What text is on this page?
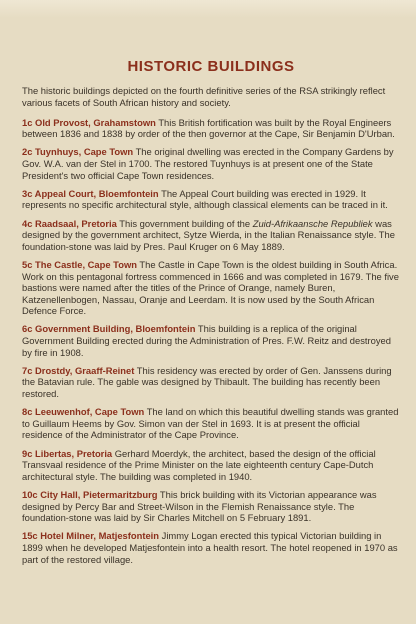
HISTORIC BUILDINGS

The historic buildings depicted on the fourth definitive series of the RSA strikingly reflect various facets of South African history and society.

1c Old Provost, Grahamstown This British fortification was built by the Royal Engineers between 1836 and 1838 by order of the then governor at the Cape, Sir Benjamin D'Urban.

2c Tuynhuys, Cape Town The original dwelling was erected in the Company Gardens by Gov. W.A. van der Stel in 1700. The restored Tuynhuys is at present one of the State President's two official Cape Town residences.

3c Appeal Court, Bloemfontein The Appeal Court building was erected in 1929. It represents no specific architectural style, although classical elements can be traced in it.

4c Raadsaal, Pretoria This government building of the Zuid-Afrikaansche Republiek was designed by the government architect, Sytze Wierda, in the Italian Renaissance style. The foundation-stone was laid by Pres. Paul Kruger on 6 May 1889.

5c The Castle, Cape Town The Castle in Cape Town is the oldest building in South Africa. Work on this pentagonal fortress commenced in 1666 and was completed in 1679. The five bastions were named after the titles of the Prince of Orange, namely Buren, Katzenellenbogen, Nassau, Oranje and Leerdam. It is now used by the South African Defence Force.

6c Government Building, Bloemfontein This building is a replica of the original Government Building erected during the Administration of Pres. F.W. Reitz and destroyed by fire in 1908.

7c Drostdy, Graaff-Reinet This residency was erected by order of Gen. Janssens during the Batavian rule. The gable was designed by Thibault. The building has recently been restored.

8c Leeuwenhof, Cape Town The land on which this beautiful dwelling stands was granted to Guillaum Heems by Gov. Simon van der Stel in 1693. It is at present the official residence of the Administrator of the Cape Province.

9c Libertas, Pretoria Gerhard Moerdyk, the architect, based the design of the official Transvaal residence of the Prime Minister on the late eighteenth century Cape-Dutch architectural style. The building was completed in 1940.

10c City Hall, Pietermaritzburg This brick building with its Victorian appearance was designed by Percy Bar and Street-Wilson in the Flemish Renaissance style. The foundation-stone was laid by Sir Charles Mitchell on 5 February 1891.

15c Hotel Milner, Matjesfontein Jimmy Logan erected this typical Victorian building in 1899 when he developed Matjesfontein into a health resort. The hotel reopened in 1970 as part of the restored village.
